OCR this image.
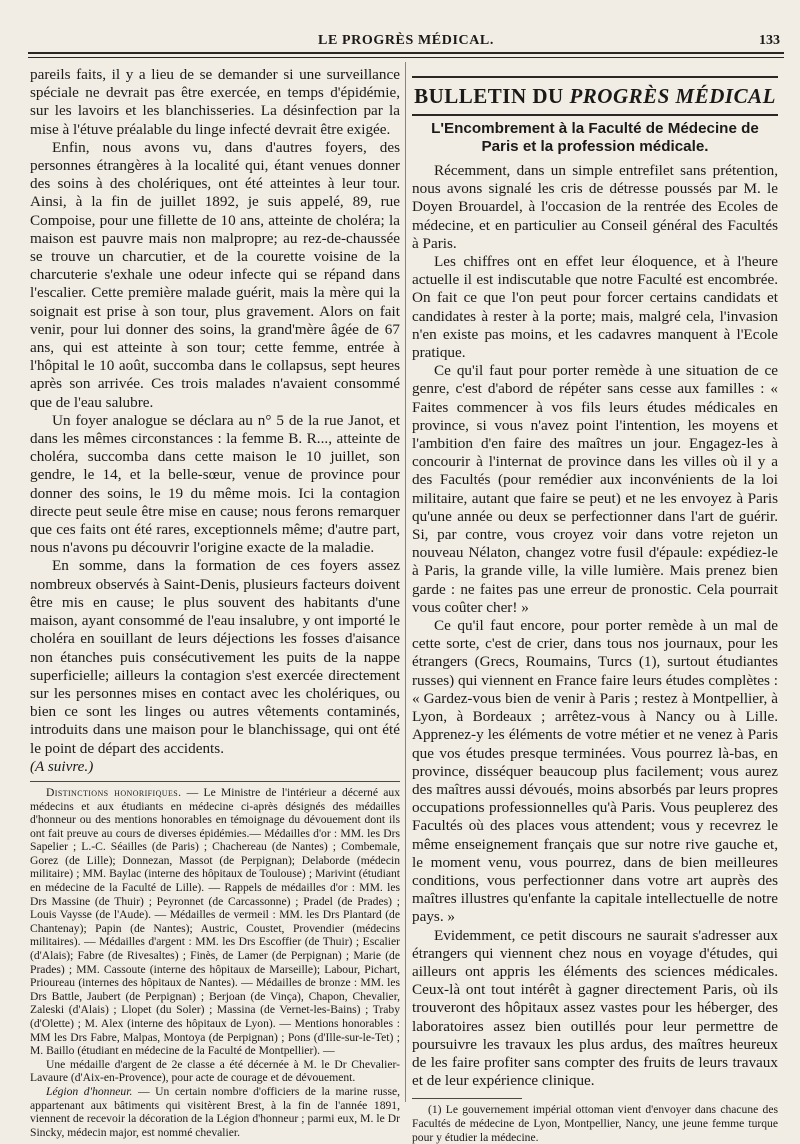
LE PROGRÈS MÉDICAL.	133

pareils faits, il y a lieu de se demander si une surveillance spéciale ne devrait pas être exercée, en temps d'épidémie, sur les lavoirs et les blanchisseries. La désinfection par la mise à l'étuve préalable du linge infecté devrait être exigée.

Enfin, nous avons vu, dans d'autres foyers, des personnes étrangères à la localité qui, étant venues donner des soins à des cholériques, ont été atteintes à leur tour. Ainsi, à la fin de juillet 1892, je suis appelé, 89, rue Compoise, pour une fillette de 10 ans, atteinte de choléra; la maison est pauvre mais non malpropre; au rez-de-chaussée se trouve un charcutier, et de la courette voisine de la charcuterie s'exhale une odeur infecte qui se répand dans l'escalier. Cette première malade guérit, mais la mère qui la soignait est prise à son tour, plus gravement. Alors on fait venir, pour lui donner des soins, la grand'mère âgée de 67 ans, qui est atteinte à son tour; cette femme, entrée à l'hôpital le 10 août, succomba dans le collapsus, sept heures après son arrivée. Ces trois malades n'avaient consommé que de l'eau salubre.

Un foyer analogue se déclara au n° 5 de la rue Janot, et dans les mêmes circonstances : la femme B. R..., atteinte de choléra, succomba dans cette maison le 10 juillet, son gendre, le 14, et la belle-sœur, venue de province pour donner des soins, le 19 du même mois. Ici la contagion directe peut seule être mise en cause; nous ferons remarquer que ces faits ont été rares, exceptionnels même; d'autre part, nous n'avons pu découvrir l'origine exacte de la maladie.

En somme, dans la formation de ces foyers assez nombreux observés à Saint-Denis, plusieurs facteurs doivent être mis en cause; le plus souvent des habitants d'une maison, ayant consommé de l'eau insalubre, y ont importé le choléra en souillant de leurs déjections les fosses d'aisance non étanches puis consécutivement les puits de la nappe superficielle; ailleurs la contagion s'est exercée directement sur les personnes mises en contact avec les cholériques, ou bien ce sont les linges ou autres vêtements contaminés, introduits dans une maison pour le blanchissage, qui ont été le point de départ des accidents.

(A suivre.)

Distinctions honorifiques. — Le Ministre de l'intérieur a décerné aux médecins et aux étudiants en médecine ci-après désignés des médailles d'honneur ou des mentions honorables en témoignage du dévouement dont ils ont fait preuve au cours de diverses épidémies.— Médailles d'or : MM. les Drs Sapelier ; L.-C. Séailles (de Paris) ; Chachereau (de Nantes) ; Combemale, Gorez (de Lille); Donnezan, Massot (de Perpignan); Delaborde (médecin militaire) ; MM. Baylac (interne des hôpitaux de Toulouse) ; Marivint (étudiant en médecine de la Faculté de Lille). — Rappels de médailles d'or : MM. les Drs Massine (de Thuir) ; Peyronnet (de Carcassonne) ; Pradel (de Prades) ; Louis Vaysse (de l'Aude). — Médailles de vermeil : MM. les Drs Plantard (de Chantenay); Papin (de Nantes); Austric, Coustet, Provendier (médecins militaires). — Médailles d'argent : MM. les Drs Escoffier (de Thuir) ; Escalier (d'Alais); Fabre (de Rivesaltes) ; Finès, de Lamer (de Perpignan) ; Marie (de Prades) ; MM. Cassoute (interne des hôpitaux de Marseille); Labour, Pichart, Prioureau (internes des hôpitaux de Nantes). — Médailles de bronze : MM. les Drs Battle, Jaubert (de Perpignan) ; Berjoan (de Vinça), Chapon, Chevalier, Zaleski (d'Alais) ; Llopet (du Soler) ; Massina (de Vernet-les-Bains) ; Traby (d'Olette) ; M. Alex (interne des hôpitaux de Lyon). — Mentions honorables : MM les Drs Fabre, Malpas, Montoya (de Perpignan) ; Pons (d'Ille-sur-le-Tet) ; M. Baillo (étudiant en médecine de la Faculté de Montpellier). —

Une médaille d'argent de 2e classe a été décernée à M. le Dr Chevalier-Lavaure (d'Aix-en-Provence), pour acte de courage et de dévouement.

Légion d'honneur. — Un certain nombre d'officiers de la marine russe, appartenant aux bâtiments qui visitèrent Brest, à la fin de l'année 1891, viennent de recevoir la décoration de la Légion d'honneur ; parmi eux, M. le Dr Sincky, médecin major, est nommé chevalier.

BULLETIN DU PROGRÈS MÉDICAL
L'Encombrement à la Faculté de Médecine de Paris et la profession médicale.

Récemment, dans un simple entrefilet sans prétention, nous avons signalé les cris de détresse poussés par M. le Doyen Brouardel, à l'occasion de la rentrée des Ecoles de médecine, et en particulier au Conseil général des Facultés à Paris.

Les chiffres ont en effet leur éloquence, et à l'heure actuelle il est indiscutable que notre Faculté est encombrée. On fait ce que l'on peut pour forcer certains candidats et candidates à rester à la porte; mais, malgré cela, l'invasion n'en existe pas moins, et les cadavres manquent à l'Ecole pratique.

Ce qu'il faut pour porter remède à une situation de ce genre, c'est d'abord de répéter sans cesse aux familles : « Faites commencer à vos fils leurs études médicales en province, si vous n'avez point l'intention, les moyens et l'ambition d'en faire des maîtres un jour. Engagez-les à concourir à l'internat de province dans les villes où il y a des Facultés (pour remédier aux inconvénients de la loi militaire, autant que faire se peut) et ne les envoyez à Paris qu'une année ou deux se perfectionner dans l'art de guérir. Si, par contre, vous croyez voir dans votre rejeton un nouveau Nélaton, changez votre fusil d'épaule: expédiez-le à Paris, la grande ville, la ville lumière. Mais prenez bien garde : ne faites pas une erreur de pronostic. Cela pourrait vous coûter cher! »

Ce qu'il faut encore, pour porter remède à un mal de cette sorte, c'est de crier, dans tous nos journaux, pour les étrangers (Grecs, Roumains, Turcs (1), surtout étudiantes russes) qui viennent en France faire leurs études complètes : « Gardez-vous bien de venir à Paris ; restez à Montpellier, à Lyon, à Bordeaux ; arrêtez-vous à Nancy ou à Lille. Apprenez-y les éléments de votre métier et ne venez à Paris que vos études presque terminées. Vous pourrez là-bas, en province, disséquer beaucoup plus facilement; vous aurez des maîtres aussi dévoués, moins absorbés par leurs propres occupations professionnelles qu'à Paris. Vous peuplerez des Facultés où des places vous attendent; vous y recevrez le même enseignement français que sur notre rive gauche et, le moment venu, vous pourrez, dans de bien meilleures conditions, vous perfectionner dans votre art auprès des maîtres illustres qu'enfante la capitale intellectuelle de notre pays. »

Evidemment, ce petit discours ne saurait s'adresser aux étrangers qui viennent chez nous en voyage d'études, qui ailleurs ont appris les éléments des sciences médicales. Ceux-là ont tout intérêt à gagner directement Paris, où ils trouveront des hôpitaux assez vastes pour les héberger, des laboratoires assez bien outillés pour leur permettre de poursuivre les travaux les plus ardus, des maîtres heureux de les faire profiter sans compter des fruits de leurs travaux et de leur expérience clinique.

(1) Le gouvernement impérial ottoman vient d'envoyer dans chacune des Facultés de médecine de Lyon, Montpellier, Nancy, une jeune femme turque pour y étudier la médecine.
